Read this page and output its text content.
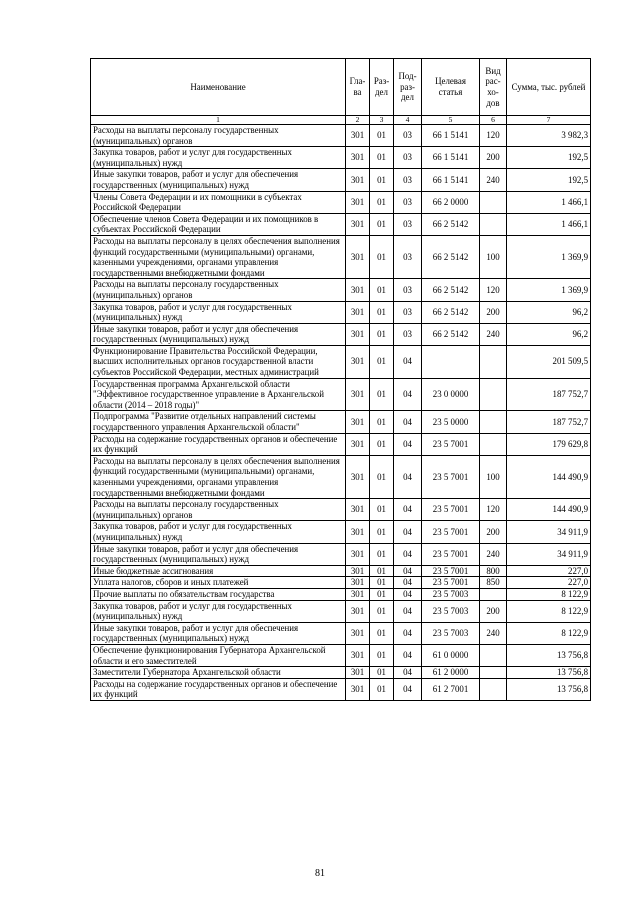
Наименование	Гла-ва	Раз-дел	Под-раз-дел	Целевая статья	Вид рас-хо-дов	Сумма, тыс. рублей
1	2	3	4	5	6	7
Расходы на выплаты персоналу государственных (муниципальных) органов	301	01	03	66 1 5141	120	3 982,3
Закупка товаров, работ и услуг для государственных (муниципальных) нужд	301	01	03	66 1 5141	200	192,5
Иные закупки товаров, работ и услуг для обеспечения государственных (муниципальных) нужд	301	01	03	66 1 5141	240	192,5
Члены Совета Федерации и их помощники в субъектах Российской Федерации	301	01	03	66 2 0000		1 466,1
Обеспечение членов Совета Федерации и их помощников в субъектах Российской Федерации	301	01	03	66 2 5142		1 466,1
Расходы на выплаты персоналу в целях обеспечения выполнения функций государственными (муниципальными) органами, казенными учреждениями, органами управления государственными внебюджетными фондами	301	01	03	66 2 5142	100	1 369,9
Расходы на выплаты персоналу государственных (муниципальных) органов	301	01	03	66 2 5142	120	1 369,9
Закупка товаров, работ и услуг для государственных (муниципальных) нужд	301	01	03	66 2 5142	200	96,2
Иные закупки товаров, работ и услуг для обеспечения государственных (муниципальных) нужд	301	01	03	66 2 5142	240	96,2
Функционирование Правительства Российской Федерации, высших исполнительных органов государственной власти субъектов Российской Федерации, местных администраций	301	01	04			201 509,5
Государственная программа Архангельской области "Эффективное государственное управление в Архангельской области (2014 – 2018 годы)"	301	01	04	23 0 0000		187 752,7
Подпрограмма "Развитие отдельных направлений системы государственного управления Архангельской области"	301	01	04	23 5 0000		187 752,7
Расходы на содержание государственных органов и обеспечение их функций	301	01	04	23 5 7001		179 629,8
Расходы на выплаты персоналу в целях обеспечения выполнения функций государственными (муниципальными) органами, казенными учреждениями, органами управления государственными внебюджетными фондами	301	01	04	23 5 7001	100	144 490,9
Расходы на выплаты персоналу государственных (муниципальных) органов	301	01	04	23 5 7001	120	144 490,9
Закупка товаров, работ и услуг для государственных (муниципальных) нужд	301	01	04	23 5 7001	200	34 911,9
Иные закупки товаров, работ и услуг для обеспечения государственных (муниципальных) нужд	301	01	04	23 5 7001	240	34 911,9
Иные бюджетные ассигнования	301	01	04	23 5 7001	800	227,0
Уплата налогов, сборов и иных платежей	301	01	04	23 5 7001	850	227,0
Прочие выплаты по обязательствам государства	301	01	04	23 5 7003		8 122,9
Закупка товаров, работ и услуг для государственных (муниципальных) нужд	301	01	04	23 5 7003	200	8 122,9
Иные закупки товаров, работ и услуг для обеспечения государственных (муниципальных) нужд	301	01	04	23 5 7003	240	8 122,9
Обеспечение функционирования Губернатора Архангельской области и его заместителей	301	01	04	61 0 0000		13 756,8
Заместители Губернатора Архангельской области	301	01	04	61 2 0000		13 756,8
Расходы на содержание государственных органов и обеспечение их функций	301	01	04	61 2 7001		13 756,8
81
